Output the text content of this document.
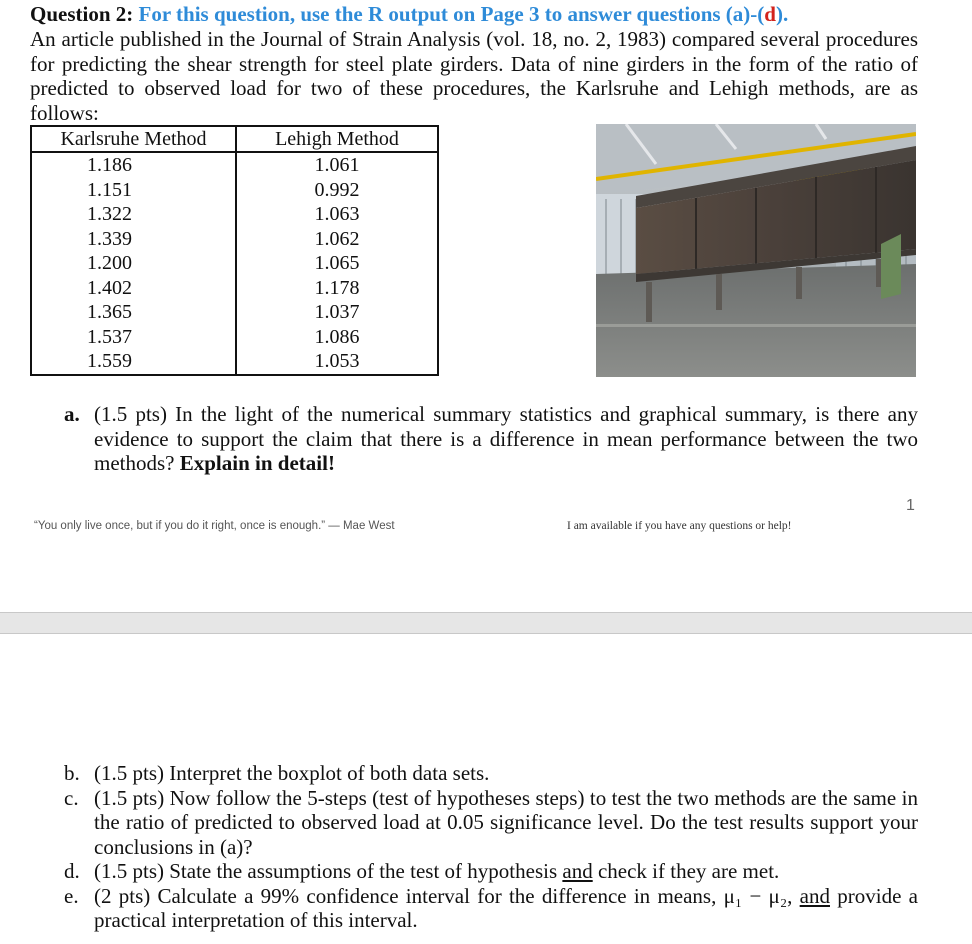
Question 2: For this question, use the R output on Page 3 to answer questions (a)-(d).
An article published in the Journal of Strain Analysis (vol. 18, no. 2, 1983) compared several procedures for predicting the shear strength for steel plate girders. Data of nine girders in the form of the ratio of predicted to observed load for two of these procedures, the Karlsruhe and Lehigh methods, are as follows:
Karlsruhe Method	Lehigh Method
1.186	1.061
1.151	0.992
1.322	1.063
1.339	1.062
1.200	1.065
1.402	1.178
1.365	1.037
1.537	1.086
1.559	1.053
a. (1.5 pts) In the light of the numerical summary statistics and graphical summary, is there any evidence to support the claim that there is a difference in mean performance between the two methods? Explain in detail!
“You only live once, but if you do it right, once is enough.” — Mae West	I am available if you have any questions or help!
1
b. (1.5 pts) Interpret the boxplot of both data sets.
c. (1.5 pts) Now follow the 5-steps (test of hypotheses steps) to test the two methods are the same in the ratio of predicted to observed load at 0.05 significance level. Do the test results support your conclusions in (a)?
d. (1.5 pts) State the assumptions of the test of hypothesis and check if they are met.
e. (2 pts) Calculate a 99% confidence interval for the difference in means, μ₁ − μ₂, and provide a practical interpretation of this interval.
